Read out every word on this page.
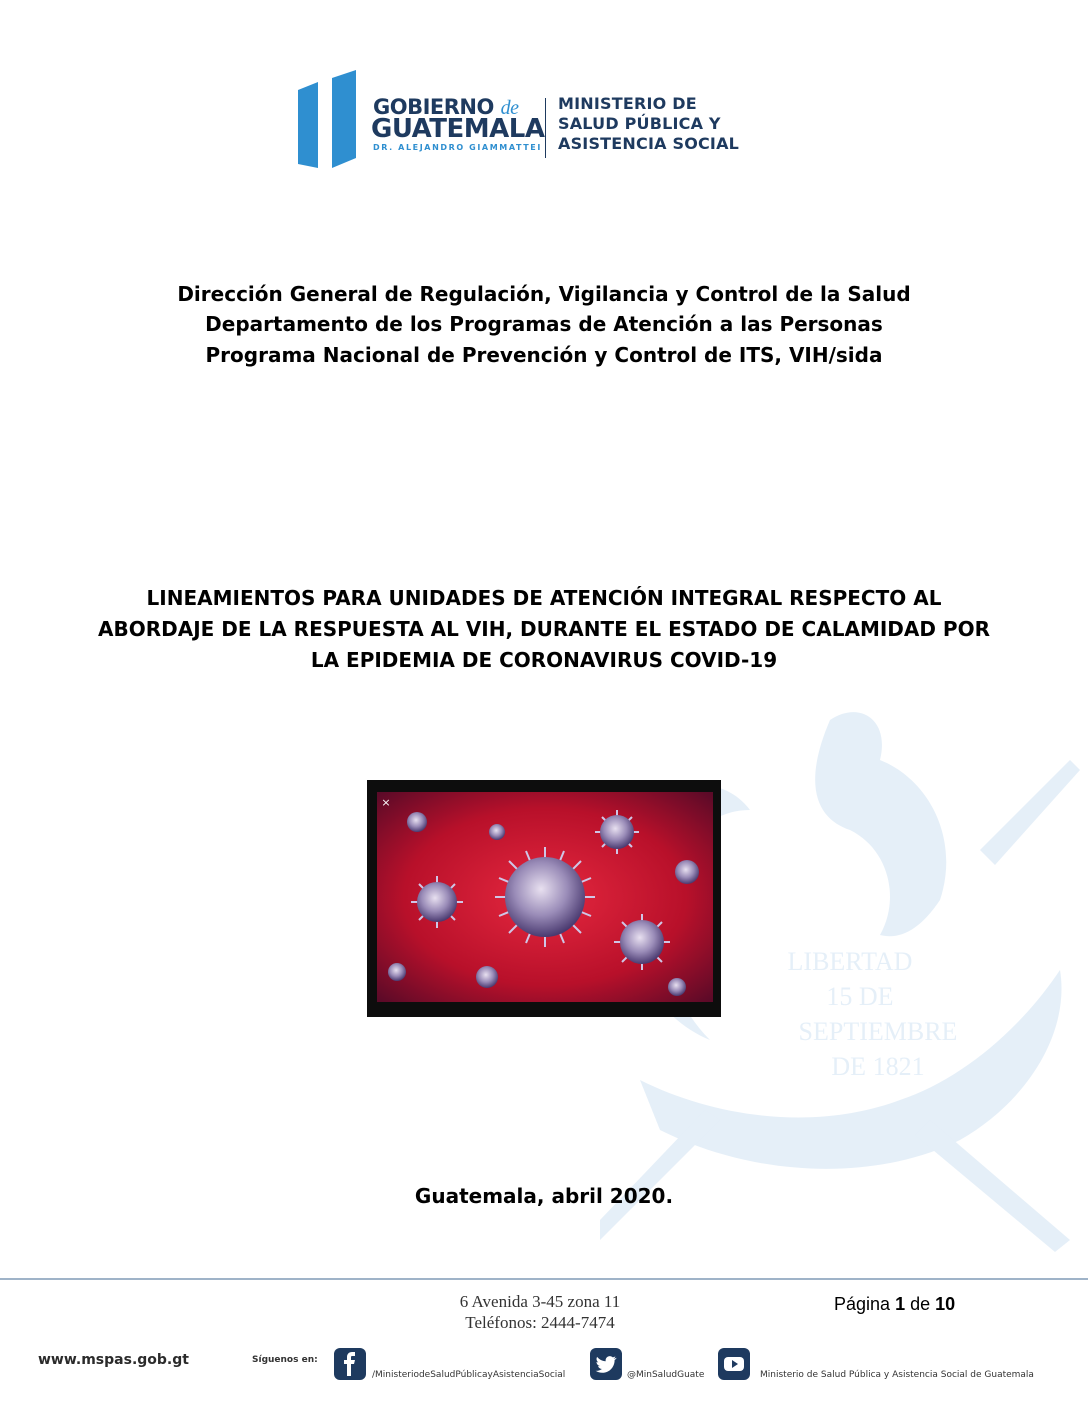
LIBERTAD
15 DE
SEPTIEMBRE
DE 1821
GOBIERNO de
GUATEMALA
DR. ALEJANDRO GIAMMATTEI
MINISTERIO DE
SALUD PÚBLICA Y
ASISTENCIA SOCIAL
Dirección General de Regulación, Vigilancia y Control de la Salud
Departamento de los Programas de Atención a las Personas
Programa Nacional de Prevención y Control de ITS, VIH/sida
LINEAMIENTOS PARA UNIDADES DE ATENCIÓN INTEGRAL RESPECTO AL
ABORDAJE DE LA RESPUESTA AL VIH, DURANTE EL ESTADO DE CALAMIDAD POR
LA EPIDEMIA DE CORONAVIRUS COVID-19
×
Guatemala, abril 2020.
6 Avenida 3-45 zona 11
Teléfonos: 2444-7474
Página 1 de 10
www.mspas.gob.gt	Síguenos en:
/MinisteriodeSaludPúblicayAsistenciaSocial	@MinSaludGuate	Ministerio de Salud Pública y Asistencia Social de Guatemala
